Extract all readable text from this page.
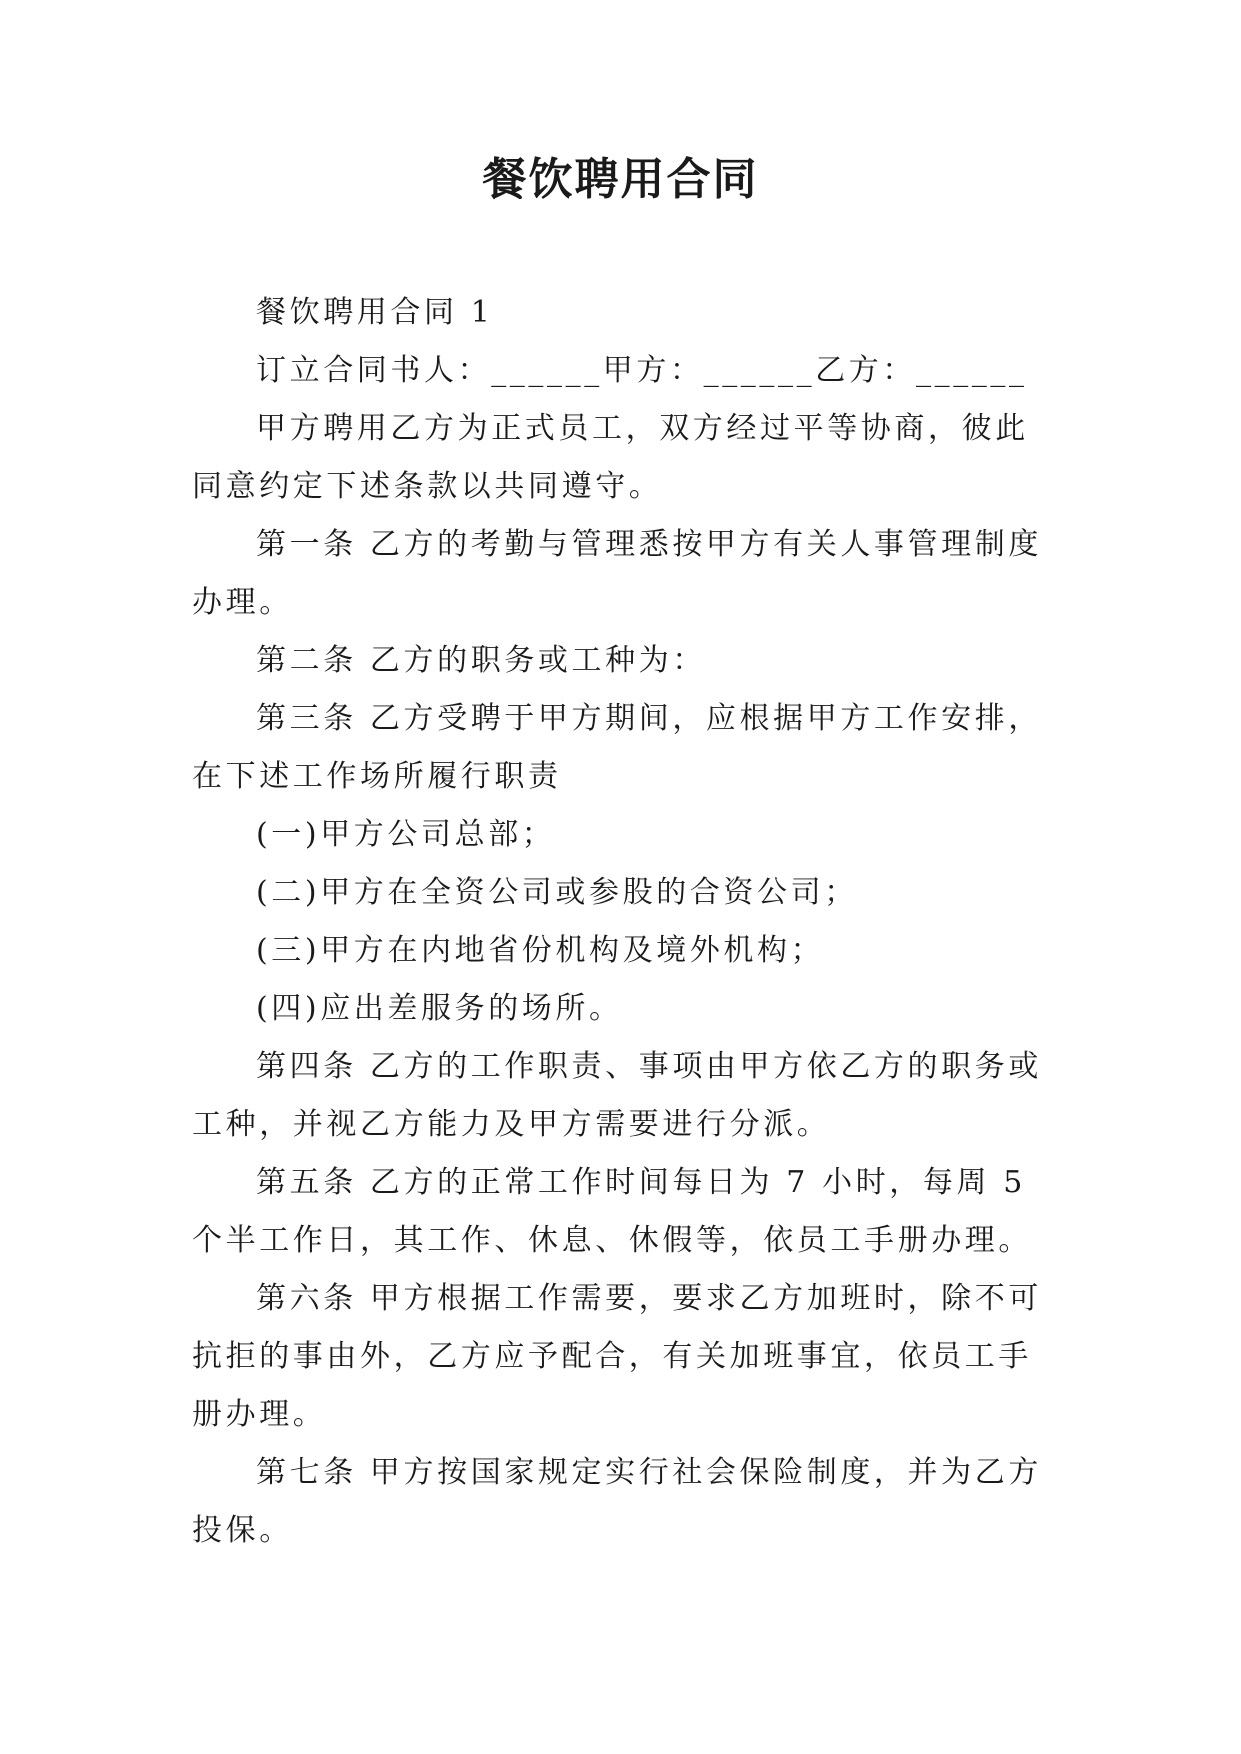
餐饮聘用合同

餐饮聘用合同 1

订立合同书人：______甲方：______乙方：______

甲方聘用乙方为正式员工，双方经过平等协商，彼此同意约定下述条款以共同遵守。

第一条 乙方的考勤与管理悉按甲方有关人事管理制度办理。

第二条 乙方的职务或工种为：

第三条 乙方受聘于甲方期间，应根据甲方工作安排，在下述工作场所履行职责

(一)甲方公司总部；

(二)甲方在全资公司或参股的合资公司；

(三)甲方在内地省份机构及境外机构；

(四)应出差服务的场所。

第四条 乙方的工作职责、事项由甲方依乙方的职务或工种，并视乙方能力及甲方需要进行分派。

第五条 乙方的正常工作时间每日为 7 小时，每周 5 个半工作日，其工作、休息、休假等，依员工手册办理。

第六条 甲方根据工作需要，要求乙方加班时，除不可抗拒的事由外，乙方应予配合，有关加班事宜，依员工手册办理。

第七条 甲方按国家规定实行社会保险制度，并为乙方投保。
